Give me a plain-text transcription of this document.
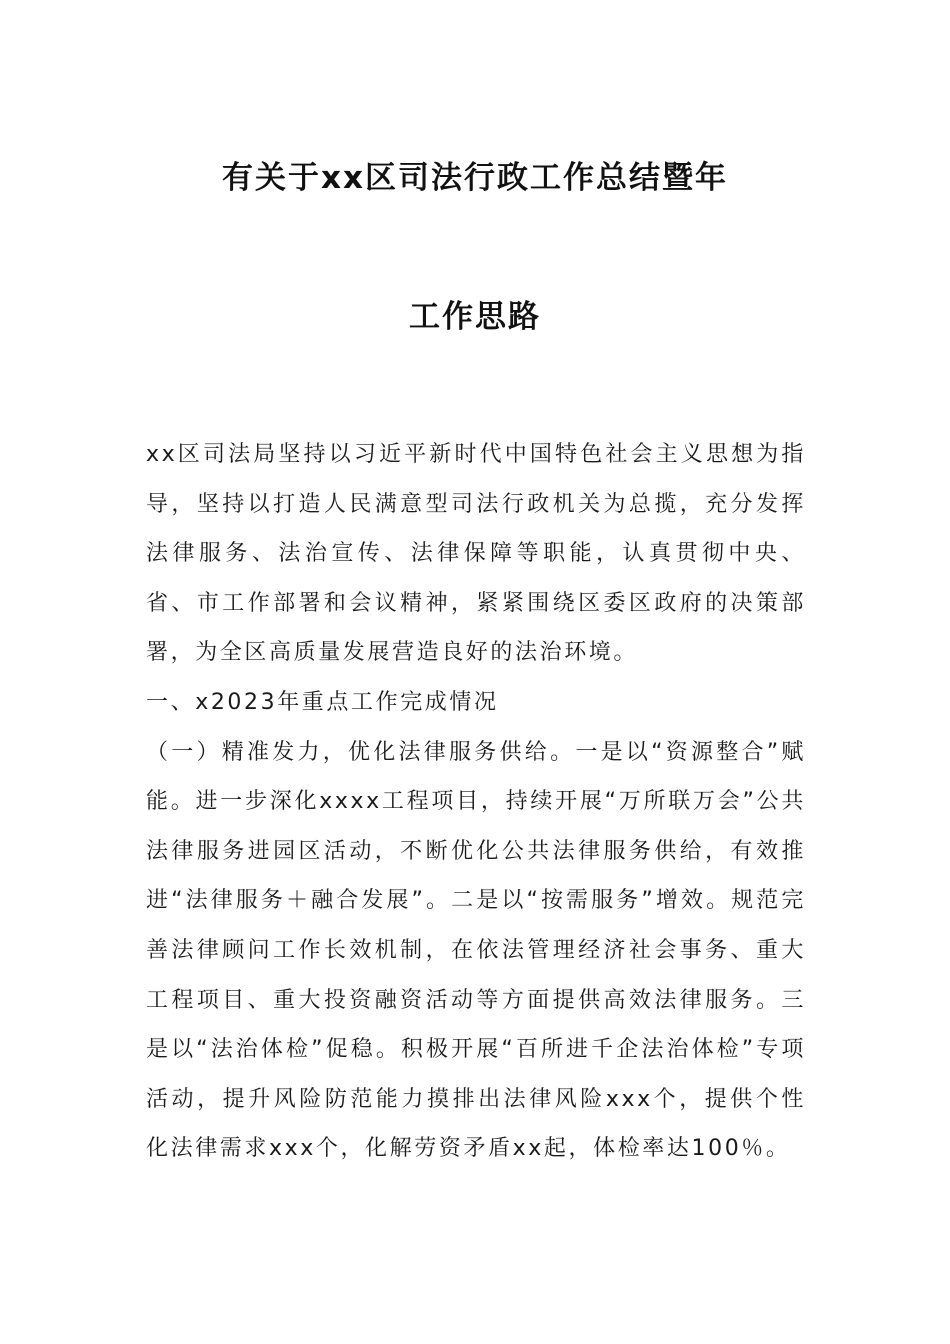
有关于xx区司法行政工作总结暨年
工作思路

xx区司法局坚持以习近平新时代中国特色社会主义思想为指导，坚持以打造人民满意型司法行政机关为总揽，充分发挥法律服务、法治宣传、法律保障等职能，认真贯彻中央、省、市工作部署和会议精神，紧紧围绕区委区政府的决策部署，为全区高质量发展营造良好的法治环境。

一、x2023年重点工作完成情况

（一）精准发力，优化法律服务供给。一是以“资源整合”赋能。进一步深化xxxx工程项目，持续开展“万所联万会”公共法律服务进园区活动，不断优化公共法律服务供给，有效推进“法律服务＋融合发展”。二是以“按需服务”增效。规范完善法律顾问工作长效机制，在依法管理经济社会事务、重大工程项目、重大投资融资活动等方面提供高效法律服务。三是以“法治体检”促稳。积极开展“百所进千企法治体检”专项活动，提升风险防范能力摸排出法律风险xxx个，提供个性化法律需求xxx个，化解劳资矛盾xx起，体检率达100％。
